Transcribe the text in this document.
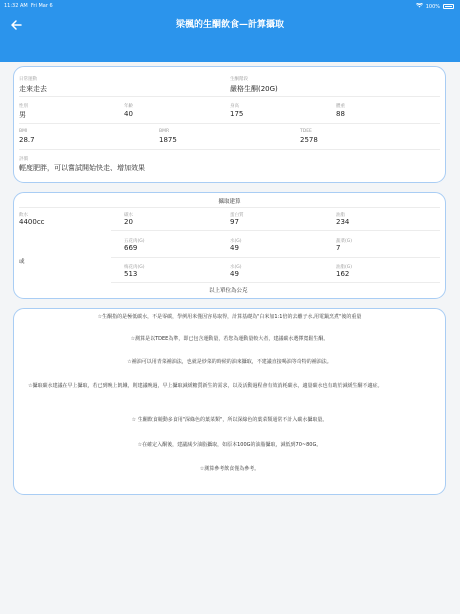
11:32 AM Fri Mar 6	100%
梁楓的生酮飲食—計算攝取
日常運動
走來走去
生酮階段
嚴格生酮(20G)
性別
男
年齡
40
身高
175
體重
88
BMI
28.7
BMR
1875
TDEE
2578
評價
輕度肥胖，可以嘗試開始快走、增加效果
攝取建算
飲水
4400cc
碳水
20
蛋白質
97
油脂
234
五花肉(G)
669
水(G)
49
蔬菜(G)
7
或
梅花肉(G)
513
水(G)
49
油脂(G)
162
以上單位為公克
☆生酮指的是極低碳水，不是零碳，學例用米僅因容易取得，計算基礎為"白米加1:1倍的去離子水,用電鍋烹煮"後的重量
☆測算是以TDEE為準，即已包含運動量，若您為運動量較大者，建議碳水選擇寬鬆生酮。
☆補油可以用青菜補油法，也就是炒菜的時候的油來攝取，不建議直接喝油等奇特的補油法。
☆攝取碳水建議在早上攝取，若已到晚上飢餓，則建議晚過，早上攝取減緩糖質新生的需求，以及活動過程會有效消耗碳水，適量碳水也有助於減緩生酮不適症。
☆ 生酮飲食競動多食用"深綠色的葉菜類"，所以深綠色的葉菜類通常不計入碳水攝取量。
☆在確定入酮後，建議減少油脂攝取，如原本100G的油脂攝取，減低到70~80G。
☆測算參考飲食僅為參考。
